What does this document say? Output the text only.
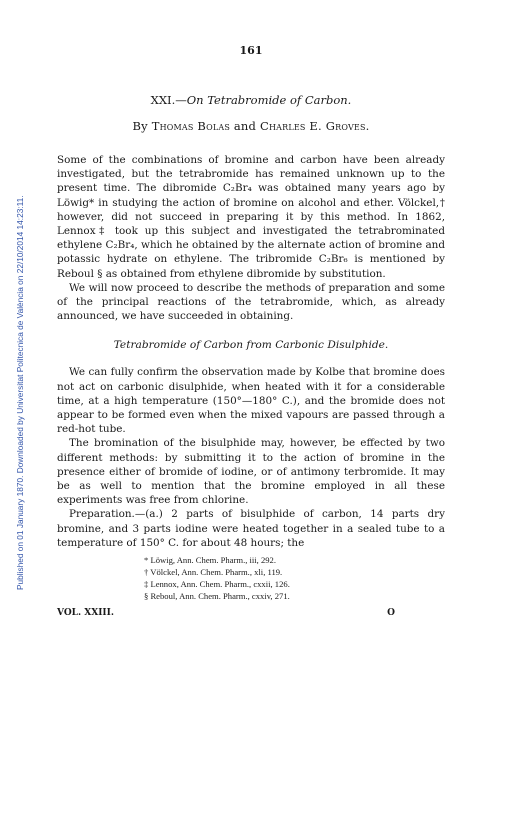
Published on 01 January 1870. Downloaded by Universitat Politecnica de València on 22/10/2014 14:23:11.
161
XXI.—On Tetrabromide of Carbon.
By Thomas Bolas and Charles E. Groves.

Some of the combinations of bromine and carbon have been already investigated, but the tetrabromide has remained unknown up to the present time. The dibromide C₂Br₄ was obtained many years ago by Löwig* in studying the action of bromine on alcohol and ether. Völckel,† however, did not succeed in preparing it by this method. In 1862, Lennox‡ took up this subject and investigated the tetrabrominated ethylene C₂Br₄, which he obtained by the alternate action of bromine and potassic hydrate on ethylene. The tribromide C₂Br₆ is mentioned by Reboul § as obtained from ethylene dibromide by substitution.

We will now proceed to describe the methods of preparation and some of the principal reactions of the tetrabromide, which, as already announced, we have succeeded in obtaining.

Tetrabromide of Carbon from Carbonic Disulphide.

We can fully confirm the observation made by Kolbe that bromine does not act on carbonic disulphide, when heated with it for a considerable time, at a high temperature (150°—180° C.), and the bromide does not appear to be formed even when the mixed vapours are passed through a red-hot tube.

The bromination of the bisulphide may, however, be effected by two different methods: by submitting it to the action of bromine in the presence either of bromide of iodine, or of antimony terbromide. It may be as well to mention that the bromine employed in all these experiments was free from chlorine.

Preparation.—(a.) 2 parts of bisulphide of carbon, 14 parts dry bromine, and 3 parts iodine were heated together in a sealed tube to a temperature of 150° C. for about 48 hours; the

* Löwig, Ann. Chem. Pharm., iii, 292.
† Völckel, Ann. Chem. Pharm., xli, 119.
‡ Lennox, Ann. Chem. Pharm., cxxii, 126.
§ Reboul, Ann. Chem. Pharm., cxxiv, 271.
VOL. XXIII.	O
